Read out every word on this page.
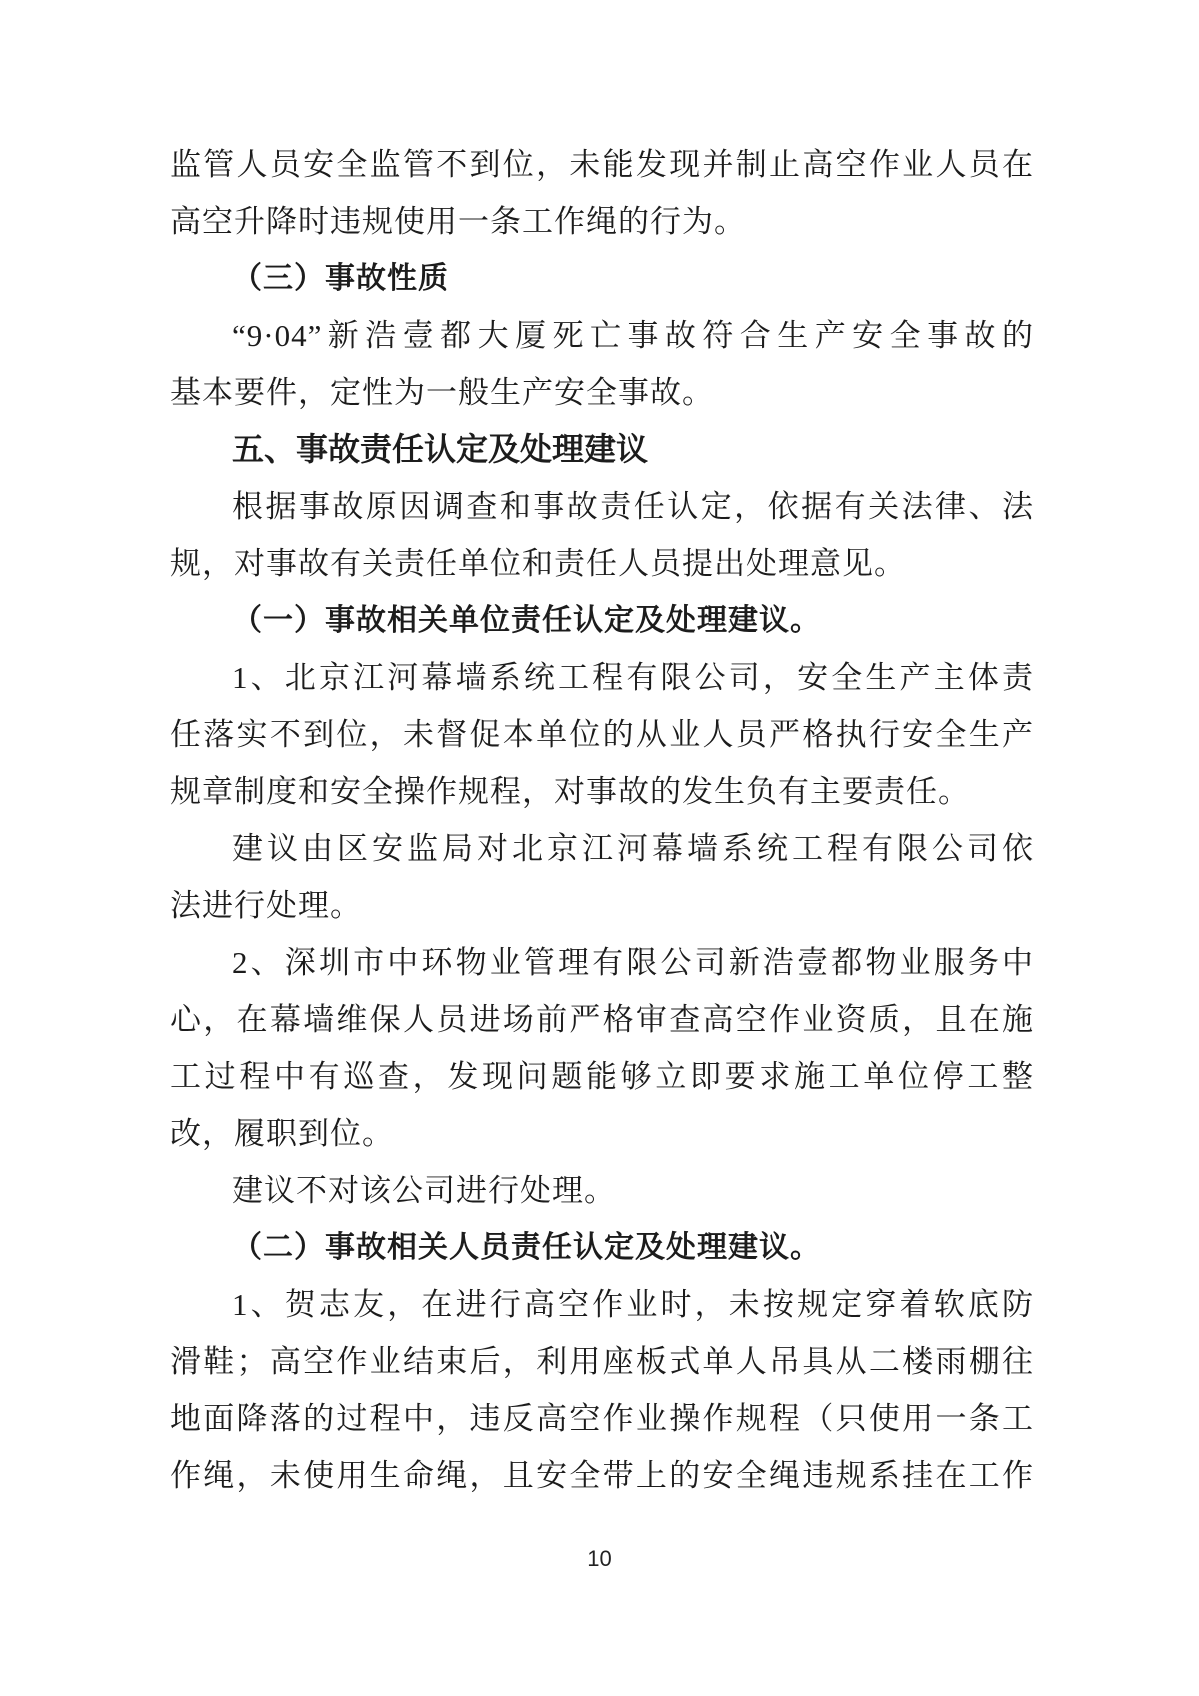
监管人员安全监管不到位，未能发现并制止高空作业人员在
高空升降时违规使用一条工作绳的行为。
（三）事故性质
“9·04”新浩壹都大厦死亡事故符合生产安全事故的
基本要件，定性为一般生产安全事故。
五、事故责任认定及处理建议
根据事故原因调查和事故责任认定，依据有关法律、法
规，对事故有关责任单位和责任人员提出处理意见。
（一）事故相关单位责任认定及处理建议。
1、北京江河幕墙系统工程有限公司，安全生产主体责
任落实不到位，未督促本单位的从业人员严格执行安全生产
规章制度和安全操作规程，对事故的发生负有主要责任。
建议由区安监局对北京江河幕墙系统工程有限公司依
法进行处理。
2、深圳市中环物业管理有限公司新浩壹都物业服务中
心，在幕墙维保人员进场前严格审查高空作业资质，且在施
工过程中有巡查，发现问题能够立即要求施工单位停工整
改，履职到位。
建议不对该公司进行处理。
（二）事故相关人员责任认定及处理建议。
1、贺志友，在进行高空作业时，未按规定穿着软底防
滑鞋；高空作业结束后，利用座板式单人吊具从二楼雨棚往
地面降落的过程中，违反高空作业操作规程（只使用一条工
作绳，未使用生命绳，且安全带上的安全绳违规系挂在工作
10
